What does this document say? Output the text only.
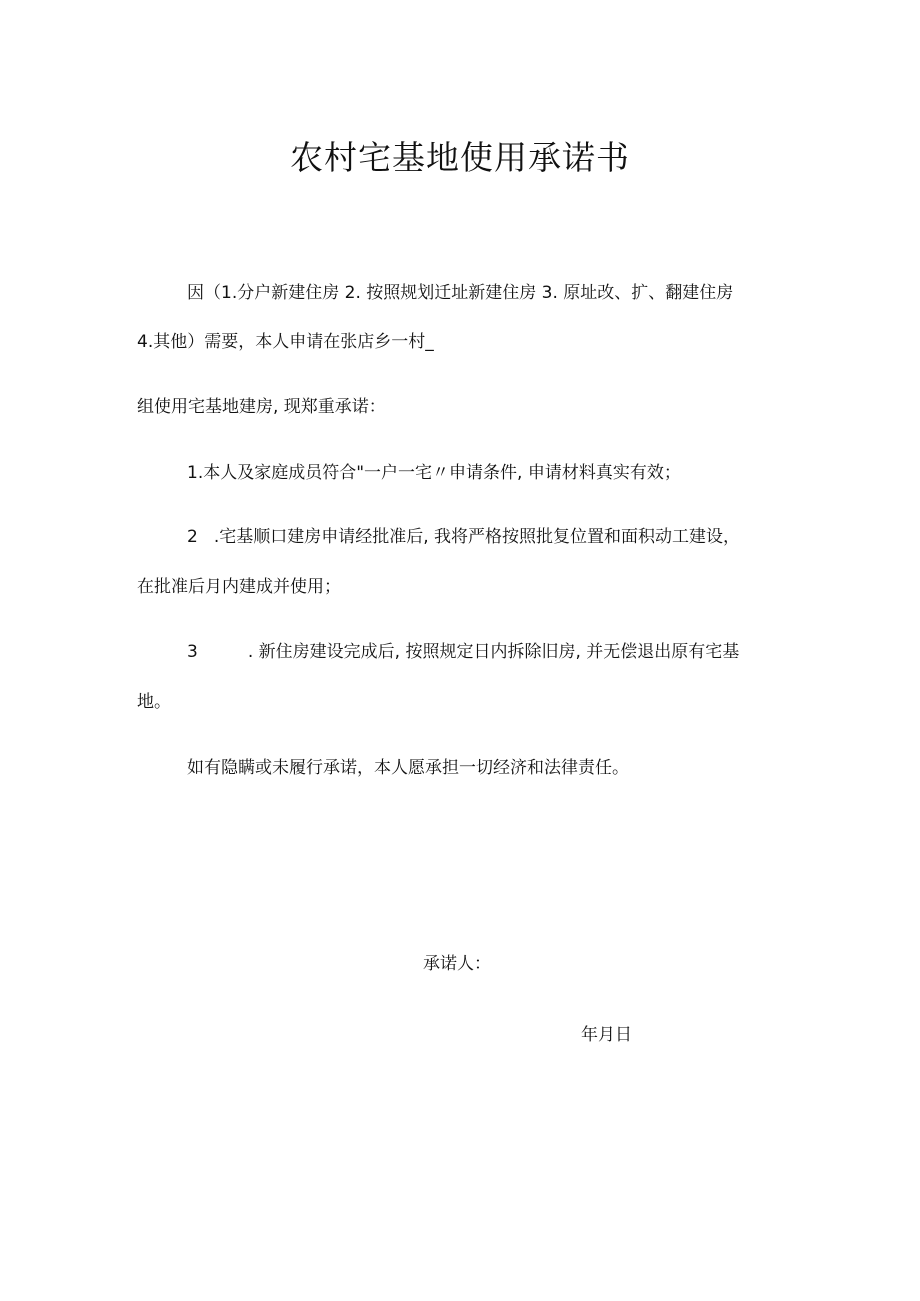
农村宅基地使用承诺书
因（1.分户新建住房 2. 按照规划迁址新建住房 3. 原址改、扩、翻建住房
4.其他）需要，本人申请在张店乡一村_
组使用宅基地建房, 现郑重承诺：
1.本人及家庭成员符合"一户一宅〃申请条件, 申请材料真实有效；
2 .宅基顺口建房申请经批准后, 我将严格按照批复位置和面积动工建设，
在批准后月内建成并使用；
3	. 新住房建设完成后, 按照规定日内拆除旧房, 并无偿退出原有宅基
地。
如有隐瞒或未履行承诺，本人愿承担一切经济和法律责任。
承诺人：
年月日
